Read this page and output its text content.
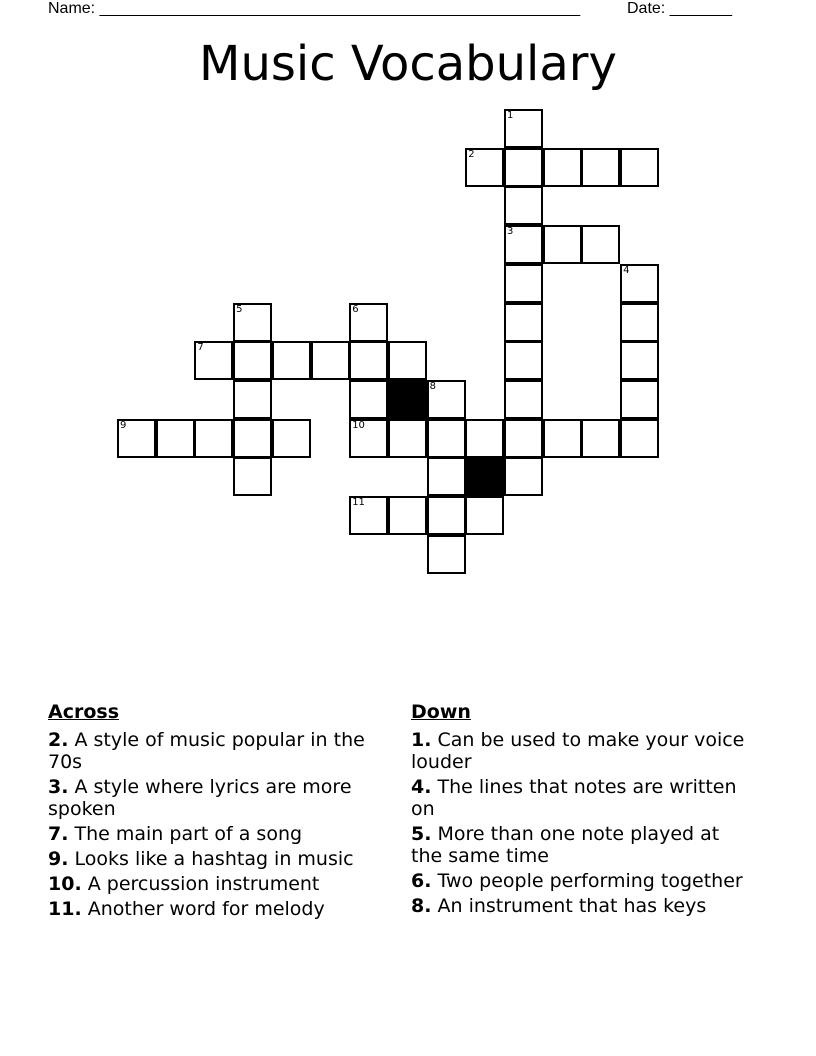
Name: ______________________________________________________	Date: _______
Music Vocabulary
1
3
2
4
5	6
10
7
8
9
11
Across
2. A style of music popular in the 70s
3. A style where lyrics are more spoken
7. The main part of a song
9. Looks like a hashtag in music
10. A percussion instrument
11. Another word for melody
Down
1. Can be used to make your voice louder
4. The lines that notes are written on
5. More than one note played at the same time
6. Two people performing together
8. An instrument that has keys
